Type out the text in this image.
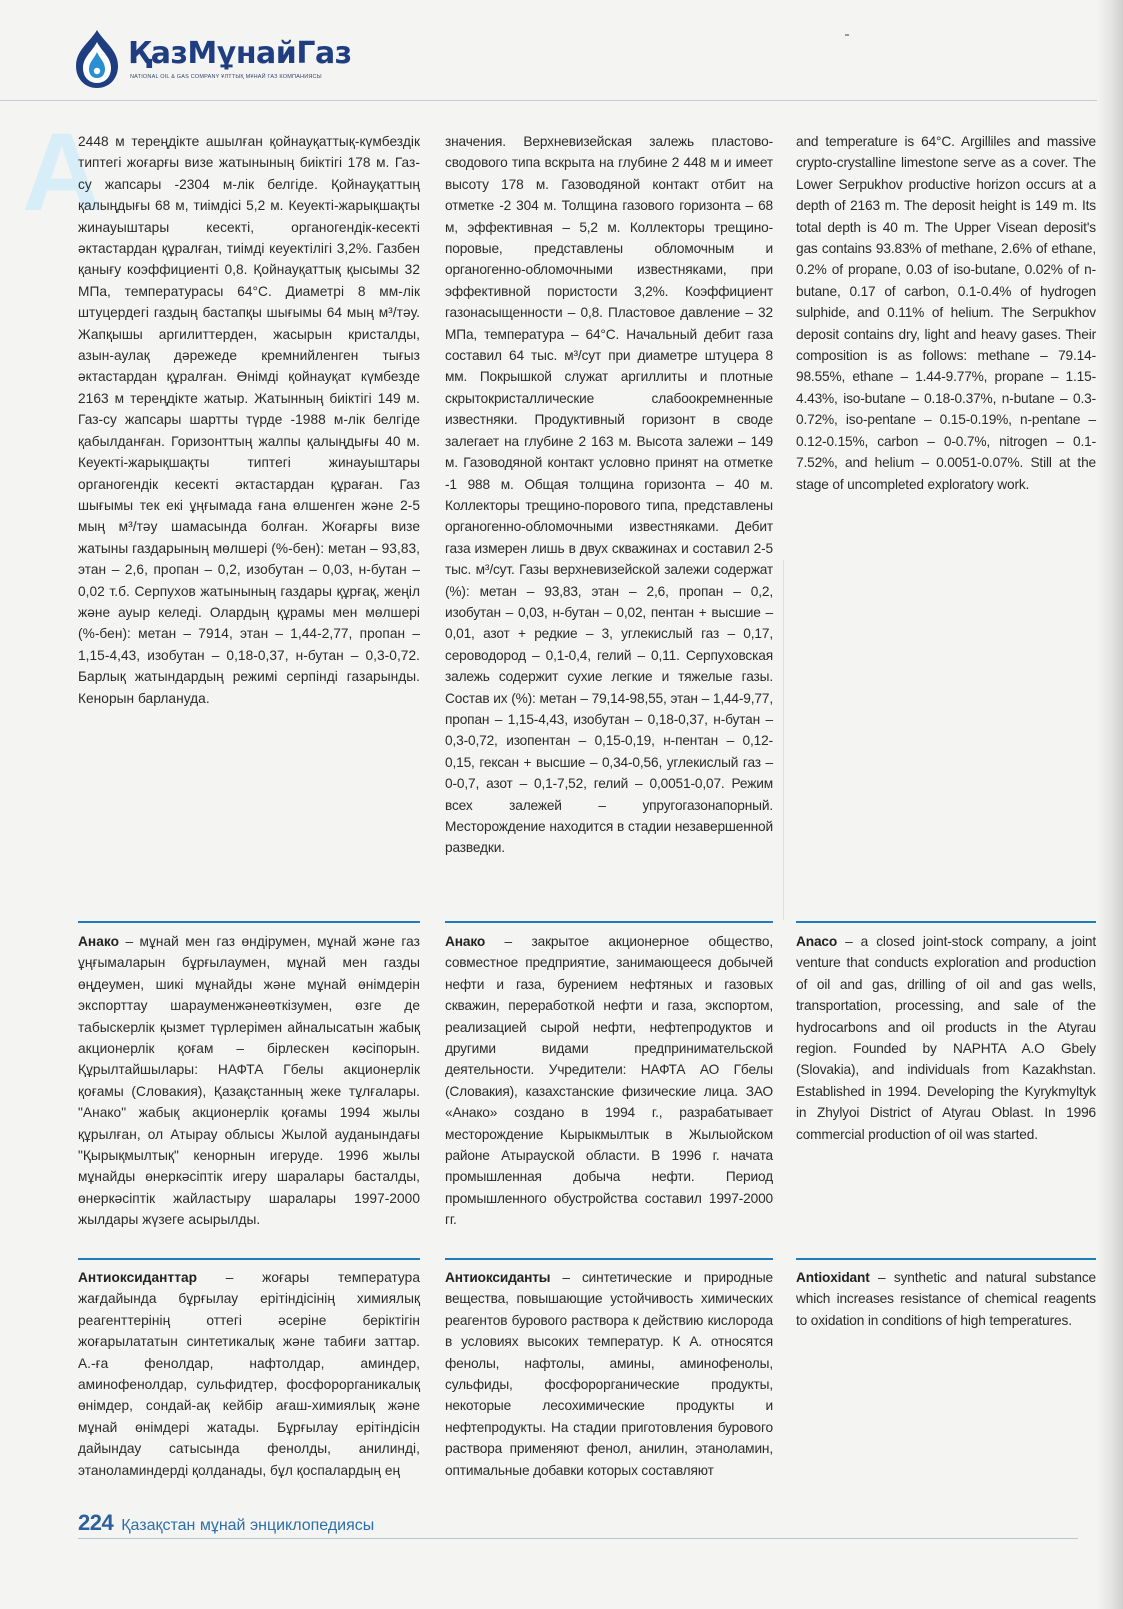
ҚазМұнайГаз
NATIONAL OIL & GAS COMPANY ҰЛТТЫҚ МҰНАЙ ГАЗ КОМПАНИЯСЫ
A

2448 м тереңдікте ашылған қойнауқаттық-күмбездік типтегі жоғарғы визе жатынының биіктігі 178 м. Газ-су жапсары -2304 м-лік белгіде. Қойнауқаттың қалыңдығы 68 м, тиімдісі 5,2 м. Кеуекті-жарықшақты жинауыштары кесекті, органогендік-кесекті әктастардан құралған, тиімді кеуектілігі 3,2%. Газбен қанығу коэффициенті 0,8. Қойнауқаттық қысымы 32 МПа, температурасы 64°С. Диаметрі 8 мм-лік штуцердегі газдың бастапқы шығымы 64 мың м³/тәу. Жапқышы аргилиттерден, жасырын кристалды, азын-аулақ дәрежеде кремнийленген тығыз әктастардан құралған. Өнімді қойнауқат күмбезде 2163 м тереңдікте жатыр. Жатынның биіктігі 149 м. Газ-су жапсары шартты түрде -1988 м-лік белгіде қабылданған. Горизонттың жалпы қалыңдығы 40 м. Кеуекті-жарықшақты типтегі жинауыштары органогендік кесекті әктастардан құраған. Газ шығымы тек екі ұңғымада ғана өлшенген және 2-5 мың м³/тәу шамасында болған. Жоғарғы визе жатыны газдарының мөлшері (%-бен): метан – 93,83, этан – 2,6, пропан – 0,2, изобутан – 0,03, н-бутан – 0,02 т.б. Серпухов жатынының газдары құрғақ, жеңіл және ауыр келеді. Олардың құрамы мен мөлшері (%-бен): метан – 7914, этан – 1,44-2,77, пропан – 1,15-4,43, изобутан – 0,18-0,37, н-бутан – 0,3-0,72. Барлық жатындардың режимі серпінді газарынды. Кенорын барлануда.

значения. Верхневизейская залежь пластово-сводового типа вскрыта на глубине 2 448 м и имеет высоту 178 м. Газоводяной контакт отбит на отметке -2 304 м. Толщина газового горизонта – 68 м, эффективная – 5,2 м. Коллекторы трещино-поровые, представлены обломочным и органогенно-обломочными известняками, при эффективной пористости 3,2%. Коэффициент газонасыщенности – 0,8. Пластовое давление – 32 МПа, температура – 64°С. Начальный дебит газа составил 64 тыс. м³/сут при диаметре штуцера 8 мм. Покрышкой служат аргиллиты и плотные скрытокристаллические слабоокремненные известняки. Продуктивный горизонт в своде залегает на глубине 2 163 м. Высота залежи – 149 м. Газоводяной контакт условно принят на отметке -1 988 м. Общая толщина горизонта – 40 м. Коллекторы трещино-порового типа, представлены органогенно-обломочными известняками. Дебит газа измерен лишь в двух скважинах и составил 2-5 тыс. м³/сут. Газы верхневизейской залежи содержат (%): метан – 93,83, этан – 2,6, пропан – 0,2, изобутан – 0,03, н-бутан – 0,02, пентан + высшие – 0,01, азот + редкие – 3, углекислый газ – 0,17, сероводород – 0,1-0,4, гелий – 0,11. Серпуховская залежь содержит сухие легкие и тяжелые газы. Состав их (%): метан – 79,14-98,55, этан – 1,44-9,77, пропан – 1,15-4,43, изобутан – 0,18-0,37, н-бутан – 0,3-0,72, изопентан – 0,15-0,19, н-пентан – 0,12-0,15, гексан + высшие – 0,34-0,56, углекислый газ – 0-0,7, азот – 0,1-7,52, гелий – 0,0051-0,07. Режим всех залежей – упругогазонапорный. Месторождение находится в стадии незавершенной разведки.

and temperature is 64°C. Argilliles and massive crypto-crystalline limestone serve as a cover. The Lower Serpukhov productive horizon occurs at a depth of 2163 m. The deposit height is 149 m. Its total depth is 40 m. The Upper Visean deposit's gas contains 93.83% of methane, 2.6% of ethane, 0.2% of propane, 0.03 of iso-butane, 0.02% of n-butane, 0.17 of carbon, 0.1-0.4% of hydrogen sulphide, and 0.11% of helium. The Serpukhov deposit contains dry, light and heavy gases. Their composition is as follows: methane – 79.14-98.55%, ethane – 1.44-9.77%, propane – 1.15-4.43%, iso-butane – 0.18-0.37%, n-butane – 0.3-0.72%, iso-pentane – 0.15-0.19%, n-pentane – 0.12-0.15%, carbon – 0-0.7%, nitrogen – 0.1-7.52%, and helium – 0.0051-0.07%. Still at the stage of uncompleted exploratory work.

Анако – мұнай мен газ өндірумен, мұнай және газ ұңғымаларын бұрғылаумен, мұнай мен газды өңдеумен, шикі мұнайды және мұнай өнімдерін экспорттау шарауменжәнеөткізумен, өзге де табыскерлік қызмет түрлерімен айналысатын жабық акционерлік қоғам – бірлескен кәсіпорын. Құрылтайшылары: НАФТА Гбелы акционерлік қоғамы (Словакия), Қазақстанның жеке тұлғалары. "Анако" жабық акционерлік қоғамы 1994 жылы құрылған, ол Атырау облысы Жылой ауданындағы "Қырықмылтық" кенорнын игеруде. 1996 жылы мұнайды өнеркәсіптік игеру шаралары басталды, өнеркәсіптік жайластыру шаралары 1997-2000 жылдары жүзеге асырылды.

Анако – закрытое акционерное общество, совместное предприятие, занимающееся добычей нефти и газа, бурением нефтяных и газовых скважин, переработкой нефти и газа, экспортом, реализацией сырой нефти, нефтепродуктов и другими видами предпринимательской деятельности. Учредители: НАФТА АО Гбелы (Словакия), казахстанские физические лица. ЗАО «Анако» создано в 1994 г., разрабатывает месторождение Кырыкмылтык в Жылыойском районе Атырауской области. В 1996 г. начата промышленная добыча нефти. Период промышленного обустройства составил 1997-2000 гг.

Anaco – a closed joint-stock company, a joint venture that conducts exploration and production of oil and gas, drilling of oil and gas wells, transportation, processing, and sale of the hydrocarbons and oil products in the Atyrau region. Founded by NAPHTA A.O Gbely (Slovakia), and individuals from Kazakhstan. Established in 1994. Developing the Kyrykmyltyk in Zhylyoi District of Atyrau Oblast. In 1996 commercial production of oil was started.

Антиоксиданттар – жоғары температура жағдайында бұрғылау ерітіндісінің химиялық реагенттерінің оттегі әсеріне беріктігін жоғарылататын синтетикалық және табиғи заттар. А.-ға фенолдар, нафтолдар, аминдер, аминофенолдар, сульфидтер, фосфорорганикалық өнімдер, сондай-ақ кейбір ағаш-химиялық және мұнай өнімдері жатады. Бұрғылау ерітіндісін дайындау сатысында фенолды, анилинді, этаноламиндерді қолданады, бұл қоспалардың ең

Антиоксиданты – синтетические и природные вещества, повышающие устойчивость химических реагентов бурового раствора к действию кислорода в условиях высоких температур. К А. относятся фенолы, нафтолы, амины, аминофенолы, сульфиды, фосфорорганические продукты, некоторые лесохимические продукты и нефтепродукты. На стадии приготовления бурового раствора применяют фенол, анилин, этаноламин, оптимальные добавки которых составляют

Antioxidant – synthetic and natural substance which increases resistance of chemical reagents to oxidation in conditions of high temperatures.

224 Қазақстан мұнай энциклопедиясы
